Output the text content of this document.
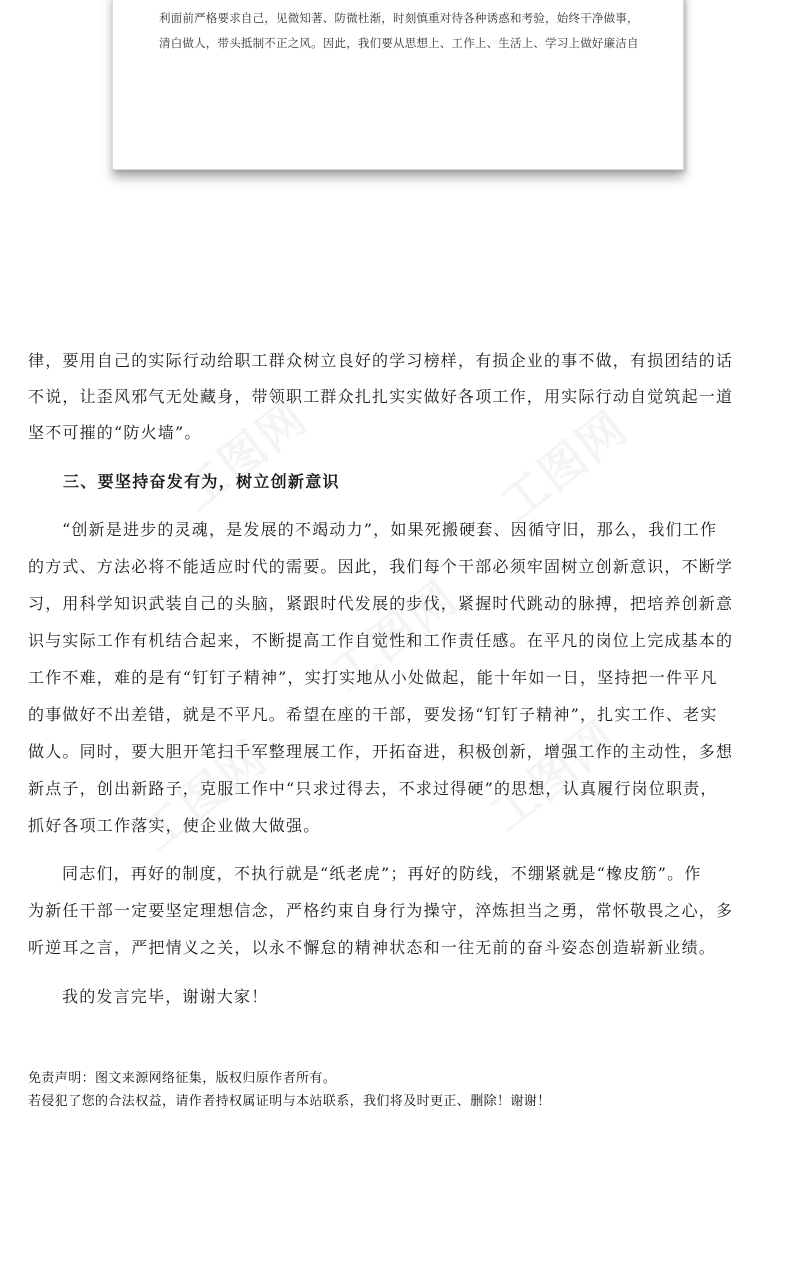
利面前严格要求自己，见微知著、防微杜渐，时刻慎重对待各种诱惑和考验，始终干净做事，
清白做人，带头抵制不正之风。因此，我们要从思想上、工作上、生活上、学习上做好廉洁自
律，要用自己的实际行动给职工群众树立良好的学习榜样，有损企业的事不做，有损团结的话
不说，让歪风邪气无处藏身，带领职工群众扎扎实实做好各项工作，用实际行动自觉筑起一道
坚不可摧的“防火墙”。
三、要坚持奋发有为，树立创新意识
“创新是进步的灵魂，是发展的不竭动力”，如果死搬硬套、因循守旧，那么，我们工作
的方式、方法必将不能适应时代的需要。因此，我们每个干部必须牢固树立创新意识，不断学
习，用科学知识武装自己的头脑，紧跟时代发展的步伐，紧握时代跳动的脉搏，把培养创新意
识与实际工作有机结合起来，不断提高工作自觉性和工作责任感。在平凡的岗位上完成基本的
工作不难，难的是有“钉钉子精神”，实打实地从小处做起，能十年如一日，坚持把一件平凡
的事做好不出差错，就是不平凡。希望在座的干部，要发扬“钉钉子精神”，扎实工作、老实
做人。同时，要大胆开笔扫千军整理展工作，开拓奋进，积极创新，增强工作的主动性，多想
新点子，创出新路子，克服工作中“只求过得去，不求过得硬”的思想，认真履行岗位职责，
抓好各项工作落实，使企业做大做强。
同志们，再好的制度，不执行就是“纸老虎”；再好的防线，不绷紧就是“橡皮筋”。作
为新任干部一定要坚定理想信念，严格约束自身行为操守，淬炼担当之勇，常怀敬畏之心，多
听逆耳之言，严把情义之关，以永不懈怠的精神状态和一往无前的奋斗姿态创造崭新业绩。
我的发言完毕，谢谢大家！
免责声明：图文来源网络征集，版权归原作者所有。
若侵犯了您的合法权益，请作者持权属证明与本站联系，我们将及时更正、删除！谢谢！
